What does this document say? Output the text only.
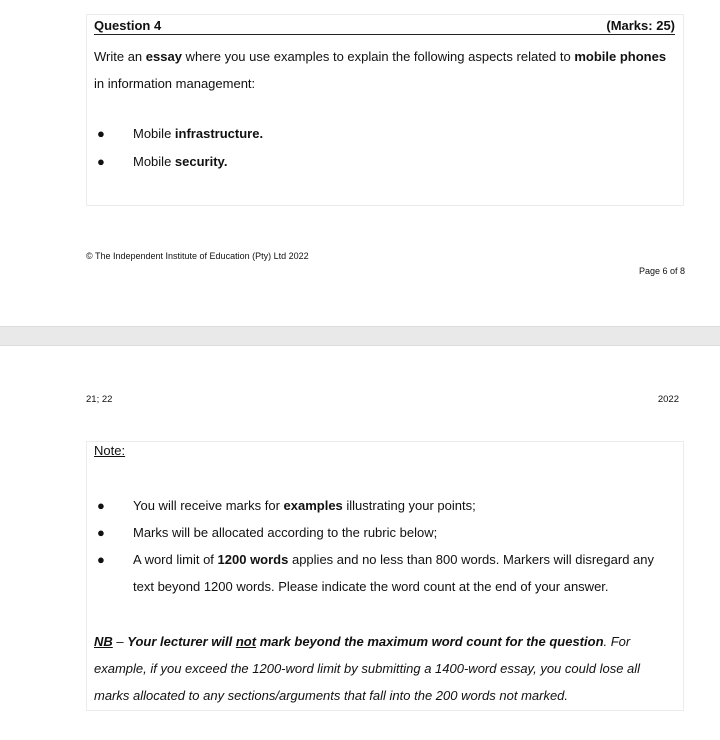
Question 4	(Marks: 25)
Write an essay where you use examples to explain the following aspects related to mobile phones in information management:
● Mobile infrastructure.
● Mobile security.
© The Independent Institute of Education (Pty) Ltd 2022
Page 6 of 8
21; 22	2022
Note:
● You will receive marks for examples illustrating your points;
● Marks will be allocated according to the rubric below;
● A word limit of 1200 words applies and no less than 800 words. Markers will disregard any text beyond 1200 words. Please indicate the word count at the end of your answer.
NB – Your lecturer will not mark beyond the maximum word count for the question. For example, if you exceed the 1200-word limit by submitting a 1400-word essay, you could lose all marks allocated to any sections/arguments that fall into the 200 words not marked.
